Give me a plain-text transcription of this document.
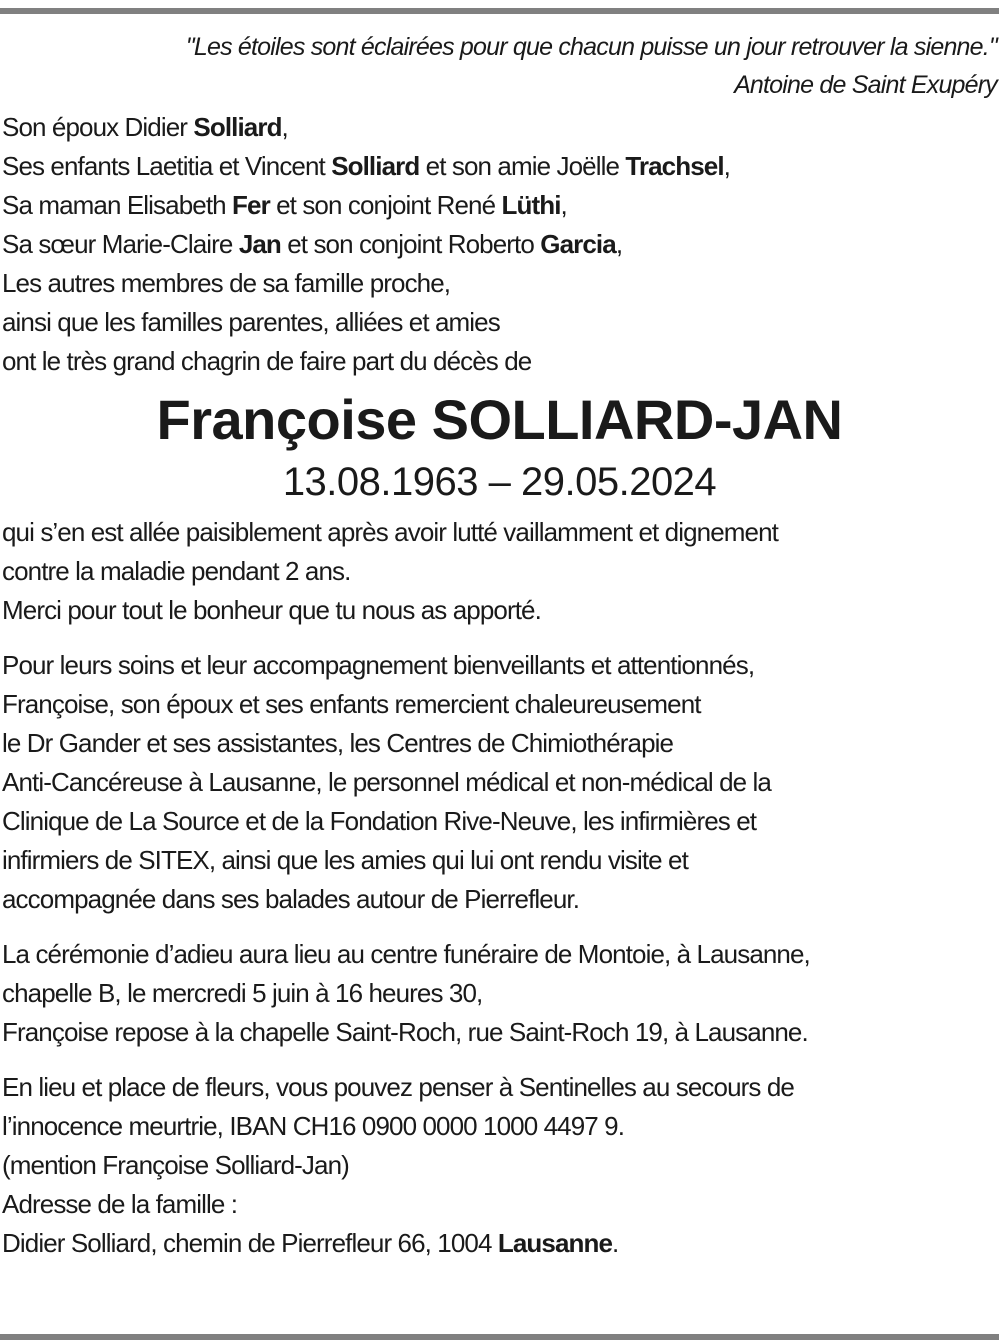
"Les étoiles sont éclairées pour que chacun puisse un jour retrouver la sienne."
Antoine de Saint Exupéry
Son époux Didier Solliard,
Ses enfants Laetitia et Vincent Solliard et son amie Joëlle Trachsel,
Sa maman Elisabeth Fer et son conjoint René Lüthi,
Sa sœur Marie-Claire Jan et son conjoint Roberto Garcia,
Les autres membres de sa famille proche,
ainsi que les familles parentes, alliées et amies
ont le très grand chagrin de faire part du décès de
Françoise SOLLIARD-JAN
13.08.1963 – 29.05.2024
qui s’en est allée paisiblement après avoir lutté vaillamment et dignement
contre la maladie pendant 2 ans.
Merci pour tout le bonheur que tu nous as apporté.
Pour leurs soins et leur accompagnement bienveillants et attentionnés,
Françoise, son époux et ses enfants remercient chaleureusement
le Dr Gander et ses assistantes, les Centres de Chimiothérapie
Anti-Cancéreuse à Lausanne, le personnel médical et non-médical de la
Clinique de La Source et de la Fondation Rive-Neuve, les infirmières et
infirmiers de SITEX, ainsi que les amies qui lui ont rendu visite et
accompagnée dans ses balades autour de Pierrefleur.
La cérémonie d’adieu aura lieu au centre funéraire de Montoie, à Lausanne,
chapelle B, le mercredi 5 juin à 16 heures 30,
Françoise repose à la chapelle Saint-Roch, rue Saint-Roch 19, à Lausanne.
En lieu et place de fleurs, vous pouvez penser à Sentinelles au secours de
l’innocence meurtrie, IBAN CH16 0900 0000 1000 4497 9.
(mention Françoise Solliard-Jan)
Adresse de la famille :
Didier Solliard, chemin de Pierrefleur 66, 1004 Lausanne.
